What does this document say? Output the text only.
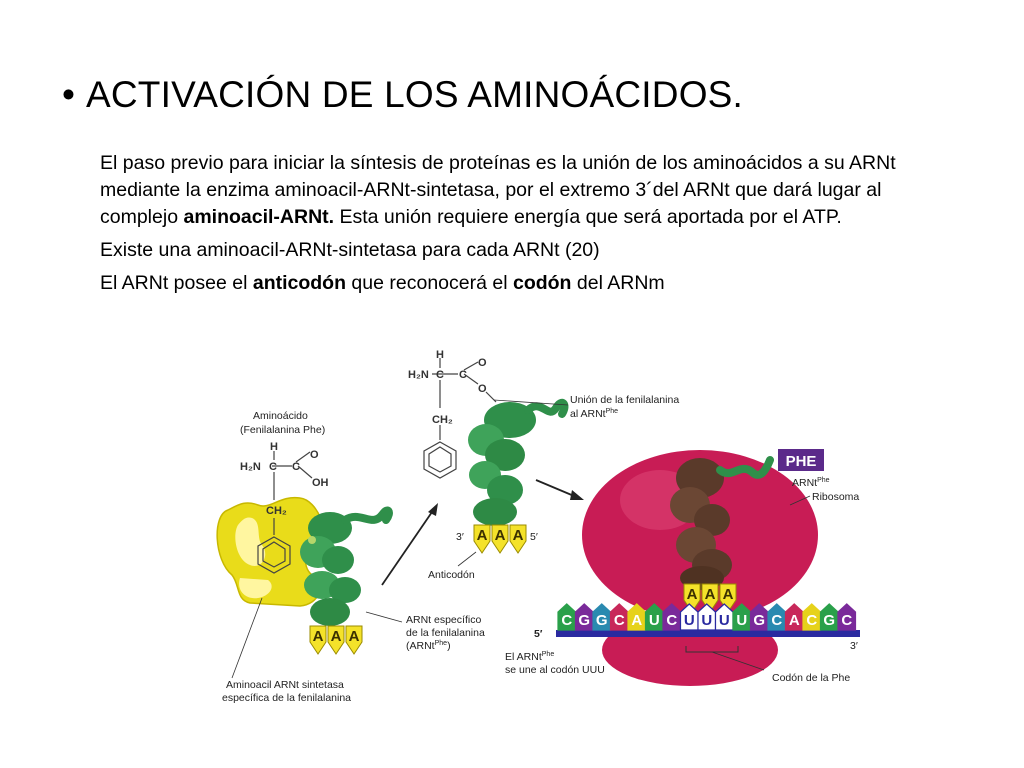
• ACTIVACIÓN DE LOS AMINOÁCIDOS.

El paso previo para iniciar la síntesis de proteínas es la unión de los aminoácidos a su ARNt mediante la enzima aminoacil-ARNt-sintetasa, por el extremo 3´del ARNt que dará lugar al complejo aminoacil-ARNt. Esta unión requiere energía que será aportada por el ATP.

Existe una aminoacil-ARNt-sintetasa para cada ARNt (20)

El ARNt posee el anticodón que reconocerá el codón del ARNm

A A A
H
H₂N C C
O
OH
CH₂
Aminoácido
(Fenilalanina Phe)
ARNt específico
de la fenilalanina
(ARNt$^{Phe}$)
Aminoacil ARNt sintetasa
específica de la fenilalanina
H
H₂N C C
O
O
CH₂
A A A
3′	5′
Anticodón
Unión de la fenilalanina
al ARNt$^{Phe}$
PHE
A A A
C G G C A U C U U U U G C A C G C
5′
3′
ARNt$^{Phe}$
Ribosoma
El ARNt$^{Phe}$
se une al codón UUU
Codón de la Phe
